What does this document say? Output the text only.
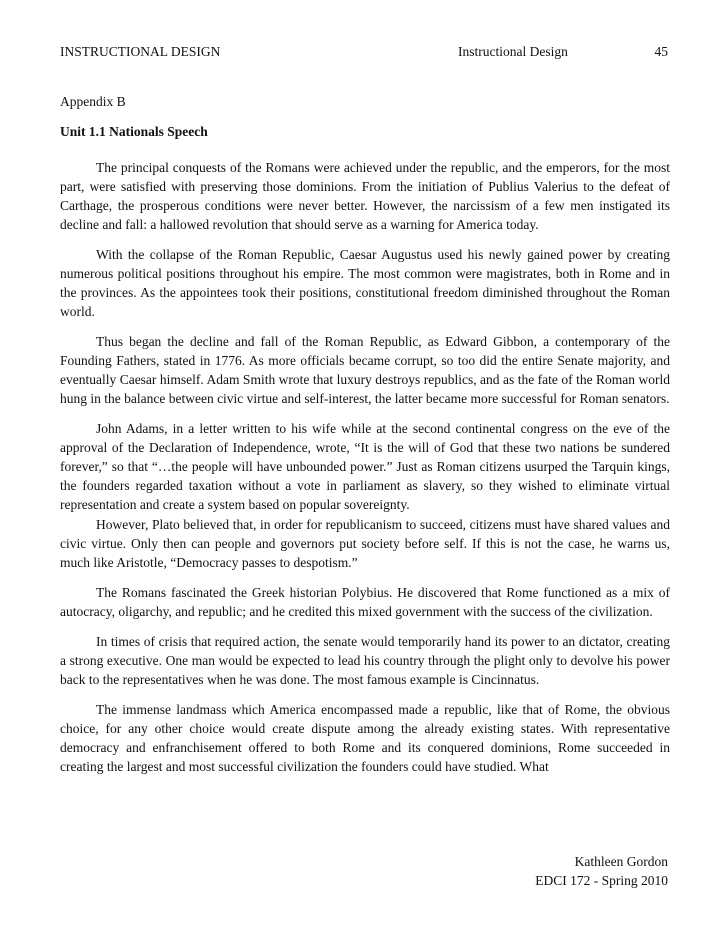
INSTRUCTIONAL DESIGN	Instructional Design	45
Appendix B
Unit 1.1 Nationals Speech

The principal conquests of the Romans were achieved under the republic, and the emperors, for the most part, were satisfied with preserving those dominions. From the initiation of Publius Valerius to the defeat of Carthage, the prosperous conditions were never better. However, the narcissism of a few men instigated its decline and fall: a hallowed revolution that should serve as a warning for America today.

With the collapse of the Roman Republic, Caesar Augustus used his newly gained power by creating numerous political positions throughout his empire. The most common were magistrates, both in Rome and in the provinces. As the appointees took their positions, constitutional freedom diminished throughout the Roman world.

Thus began the decline and fall of the Roman Republic, as Edward Gibbon, a contemporary of the Founding Fathers, stated in 1776. As more officials became corrupt, so too did the entire Senate majority, and eventually Caesar himself. Adam Smith wrote that luxury destroys republics, and as the fate of the Roman world hung in the balance between civic virtue and self-interest, the latter became more successful for Roman senators.

John Adams, in a letter written to his wife while at the second continental congress on the eve of the approval of the Declaration of Independence, wrote, “It is the will of God that these two nations be sundered forever,” so that “…the people will have unbounded power.” Just as Roman citizens usurped the Tarquin kings, the founders regarded taxation without a vote in parliament as slavery, so they wished to eliminate virtual representation and create a system based on popular sovereignty.

However, Plato believed that, in order for republicanism to succeed, citizens must have shared values and civic virtue. Only then can people and governors put society before self. If this is not the case, he warns us, much like Aristotle, “Democracy passes to despotism.”

The Romans fascinated the Greek historian Polybius. He discovered that Rome functioned as a mix of autocracy, oligarchy, and republic; and he credited this mixed government with the success of the civilization.

In times of crisis that required action, the senate would temporarily hand its power to an dictator, creating a strong executive. One man would be expected to lead his country through the plight only to devolve his power back to the representatives when he was done. The most famous example is Cincinnatus.

The immense landmass which America encompassed made a republic, like that of Rome, the obvious choice, for any other choice would create dispute among the already existing states. With representative democracy and enfranchisement offered to both Rome and its conquered dominions, Rome succeeded in creating the largest and most successful civilization the founders could have studied. What

Kathleen Gordon
EDCI 172 - Spring 2010
